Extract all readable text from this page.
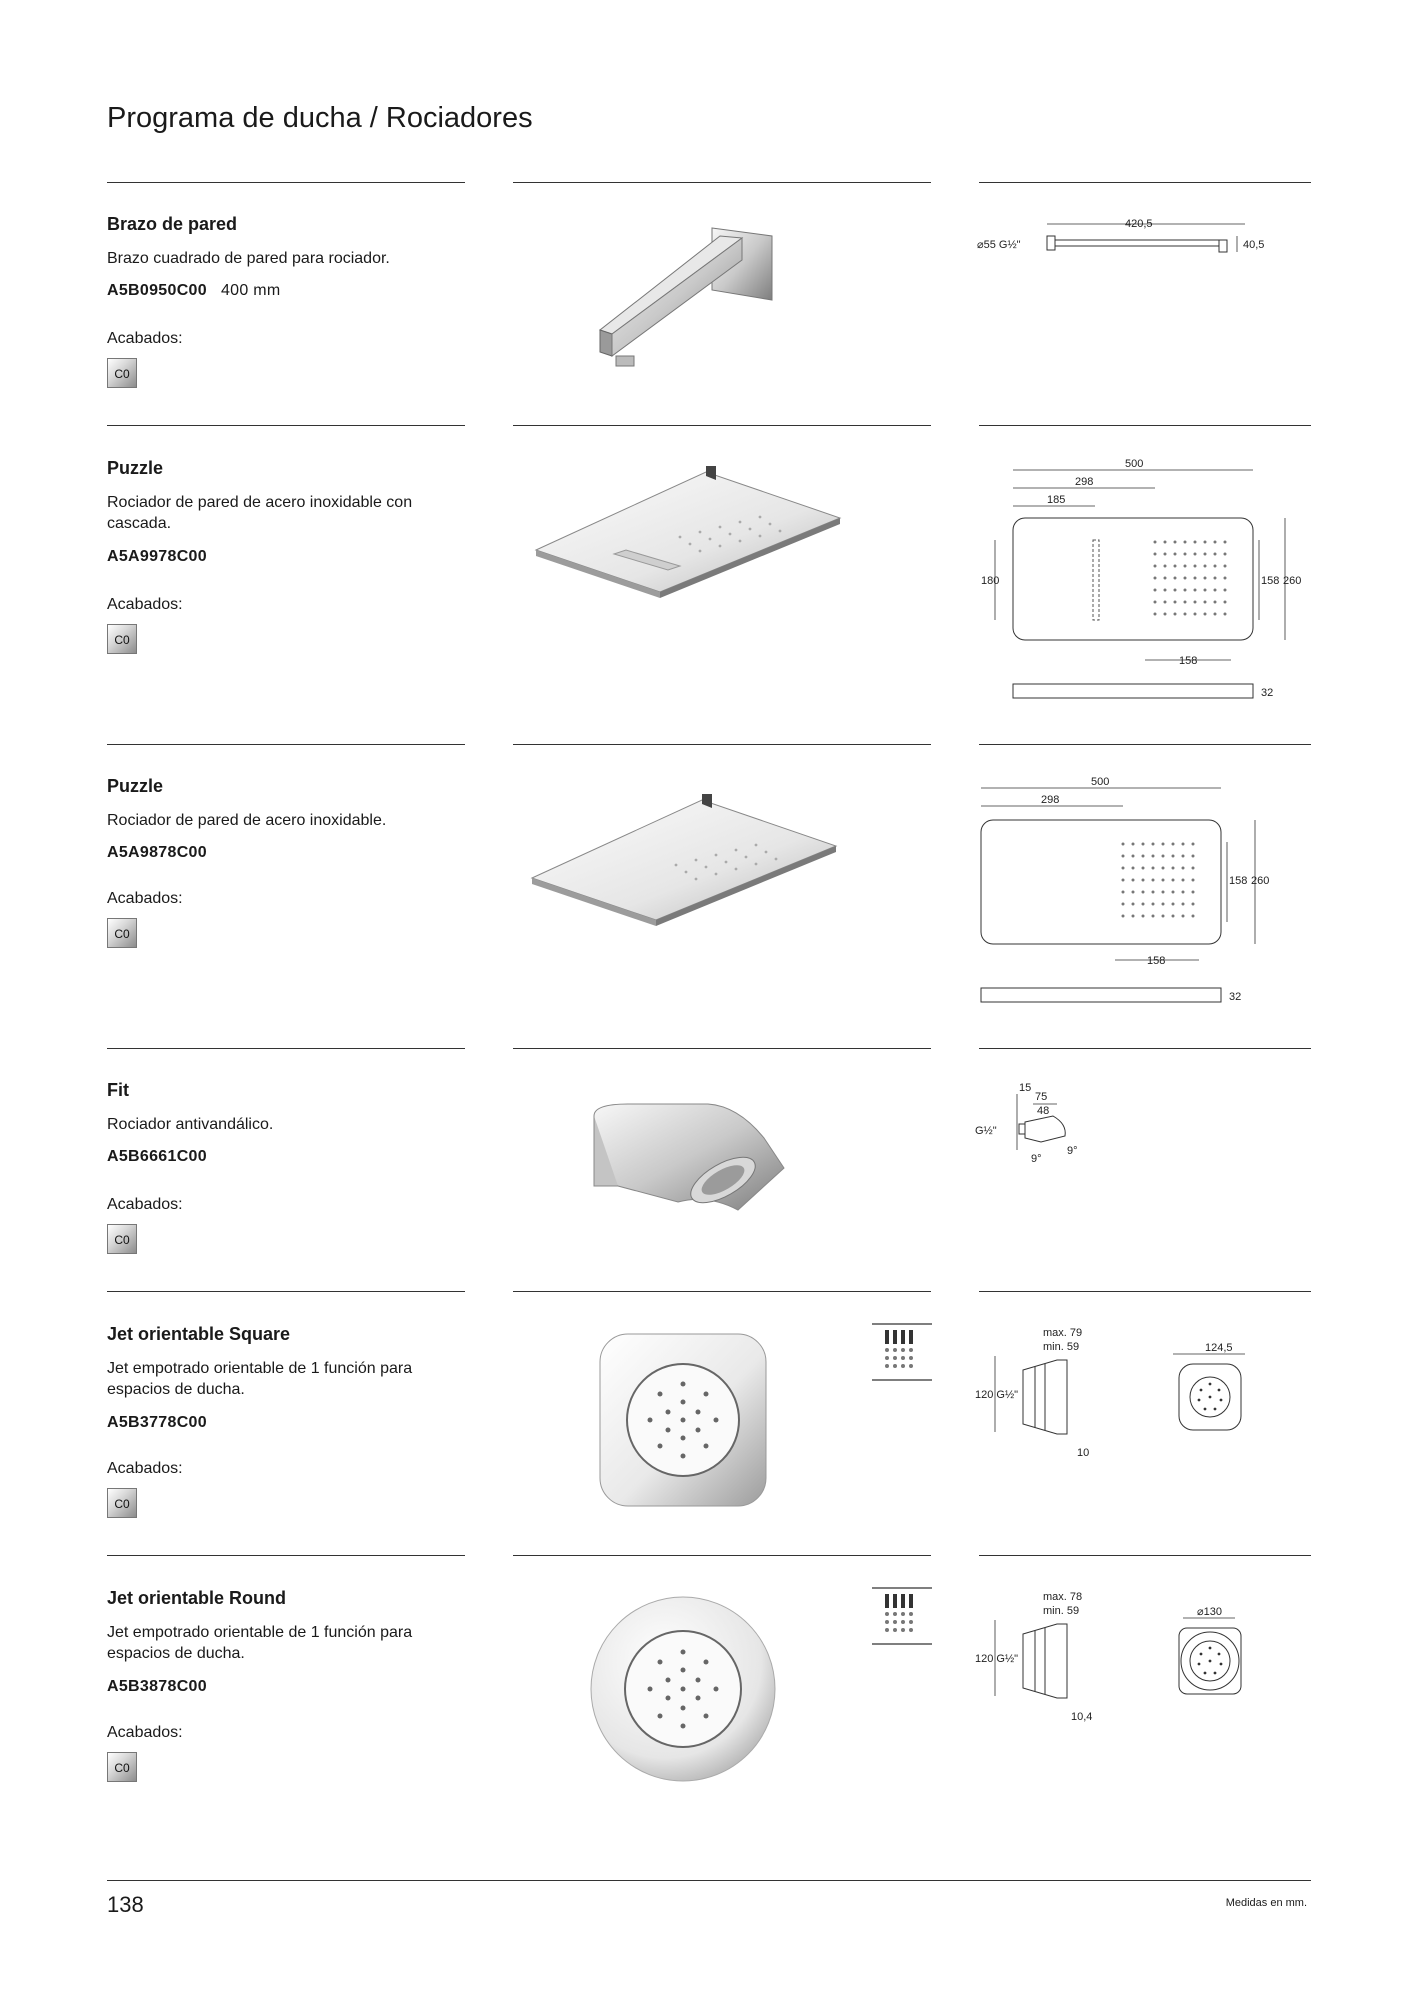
Programa de ducha / Rociadores
Brazo de pared
Brazo cuadrado de pared para rociador.
A5B0950C00 400 mm
Acabados:
C0
420,5
⌀55 G½"	40,5
Puzzle
Rociador de pared de acero inoxidable con cascada.
A5A9978C00
Acabados:
C0
500
298
185
180	158 260
158
32
Puzzle
Rociador de pared de acero inoxidable.
A5A9878C00
Acabados:
C0
500
298
158 260
158
32
Fit
Rociador antivandálico.
A5B6661C00
Acabados:
C0
15
75
48
G½"
9°
9°
Jet orientable Square
Jet empotrado orientable de 1 función para espacios de ducha.
A5B3778C00
Acabados:
C0
max. 79
min. 59
120 G½"
10
124,5
Jet orientable Round
Jet empotrado orientable de 1 función para espacios de ducha.
A5B3878C00
Acabados:
C0
max. 78
min. 59
120 G½"
10,4
⌀130
138	Medidas en mm.
